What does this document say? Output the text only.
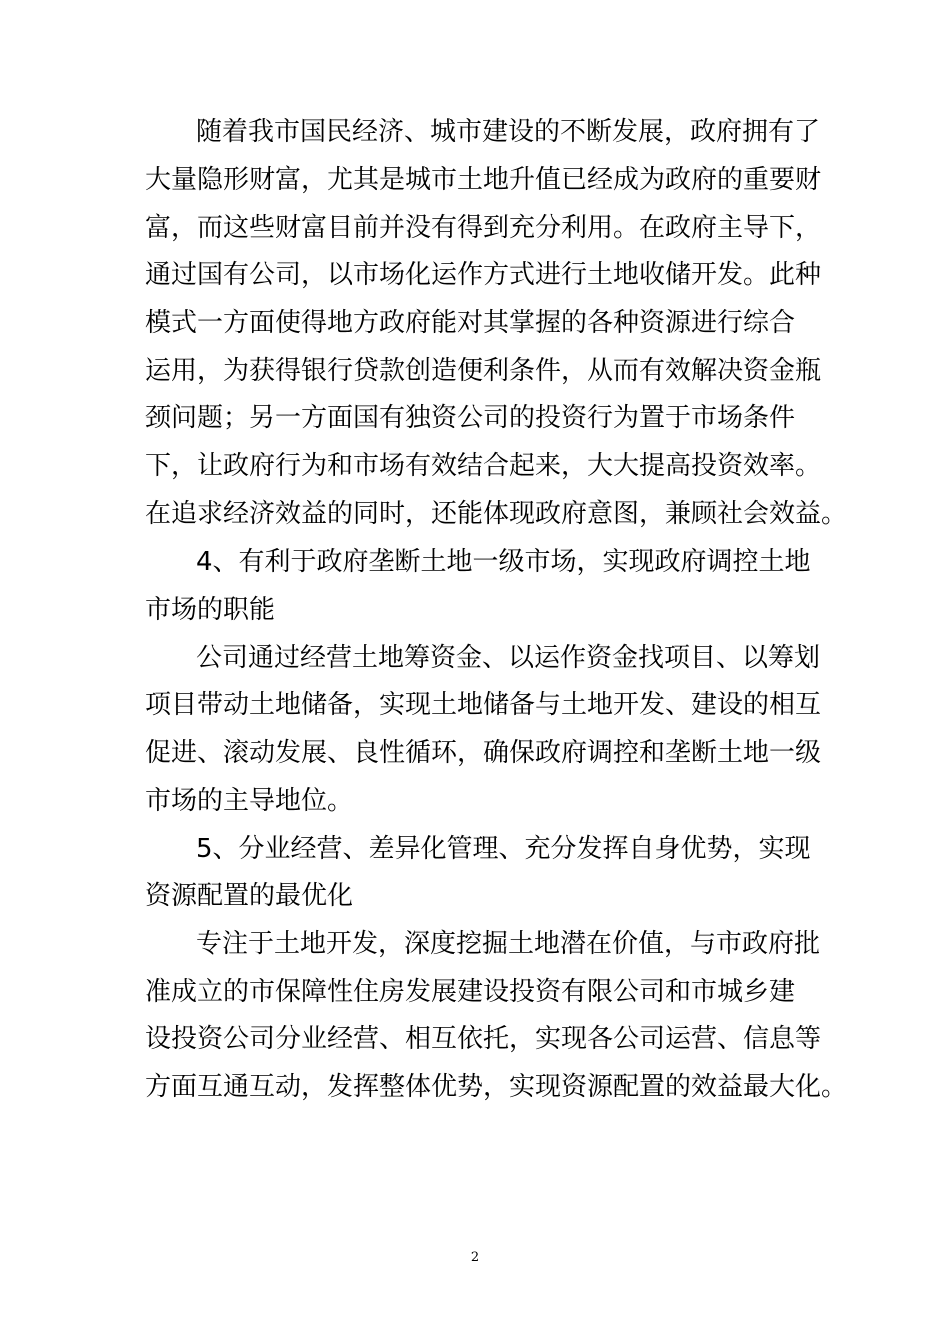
随着我市国民经济、城市建设的不断发展，政府拥有了
大量隐形财富，尤其是城市土地升值已经成为政府的重要财
富，而这些财富目前并没有得到充分利用。在政府主导下，
通过国有公司，以市场化运作方式进行土地收储开发。此种
模式一方面使得地方政府能对其掌握的各种资源进行综合
运用，为获得银行贷款创造便利条件，从而有效解决资金瓶
颈问题；另一方面国有独资公司的投资行为置于市场条件
下，让政府行为和市场有效结合起来，大大提高投资效率。
在追求经济效益的同时，还能体现政府意图，兼顾社会效益。
4、有利于政府垄断土地一级市场，实现政府调控土地
市场的职能
公司通过经营土地筹资金、以运作资金找项目、以筹划
项目带动土地储备，实现土地储备与土地开发、建设的相互
促进、滚动发展、良性循环，确保政府调控和垄断土地一级
市场的主导地位。
5、分业经营、差异化管理、充分发挥自身优势，实现
资源配置的最优化
专注于土地开发，深度挖掘土地潜在价值，与市政府批
准成立的市保障性住房发展建设投资有限公司和市城乡建
设投资公司分业经营、相互依托，实现各公司运营、信息等
方面互通互动，发挥整体优势，实现资源配置的效益最大化。
2
